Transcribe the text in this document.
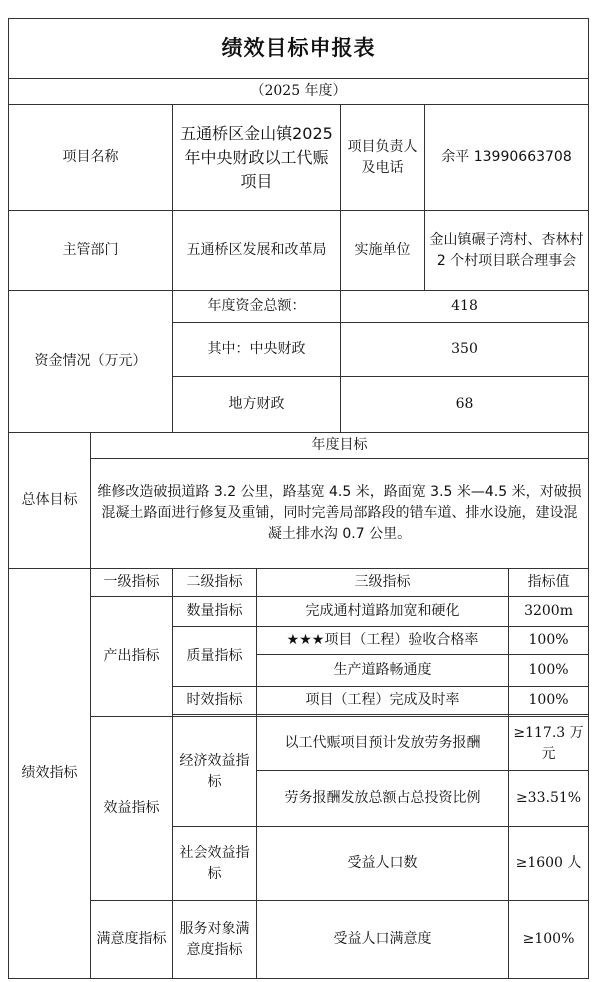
绩效目标申报表						
（2025 年度）						
项目名称		五通桥区金山镇2025 年中央财政以工代赈项目		项目负责人及电话	余平 13990663708	
主管部门		五通桥区发展和改革局		实施单位	金山镇碾子湾村、杏林村 2 个村项目联合理事会	
资金情况（万元）		年度资金总额：		418		
		其中：中央财政		350		
		地方财政		68		
总体目标	年度目标					
	维修改造破损道路 3.2 公里，路基宽 4.5 米，路面宽 3.5 米—4.5 米，对破损混凝土路面进行修复及重铺，同时完善局部路段的错车道、排水设施，建设混凝土排水沟 0.7 公里。					
绩效指标	一级指标	二级指标	三级指标			指标值
	产出指标	数量指标	完成通村道路加宽和硬化			3200m
		质量指标	★★★项目（工程）验收合格率			100%
			生产道路畅通度			100%
		时效指标	项目（工程）完成及时率			100%

	效益指标	经济效益指标	以工代赈项目预计发放劳务报酬			≥117.3 万元
			劳务报酬发放总额占总投资比例			≥33.51%
		社会效益指标	受益人口数			≥1600 人
	满意度指标	服务对象满意度指标	受益人口满意度			≥100%
